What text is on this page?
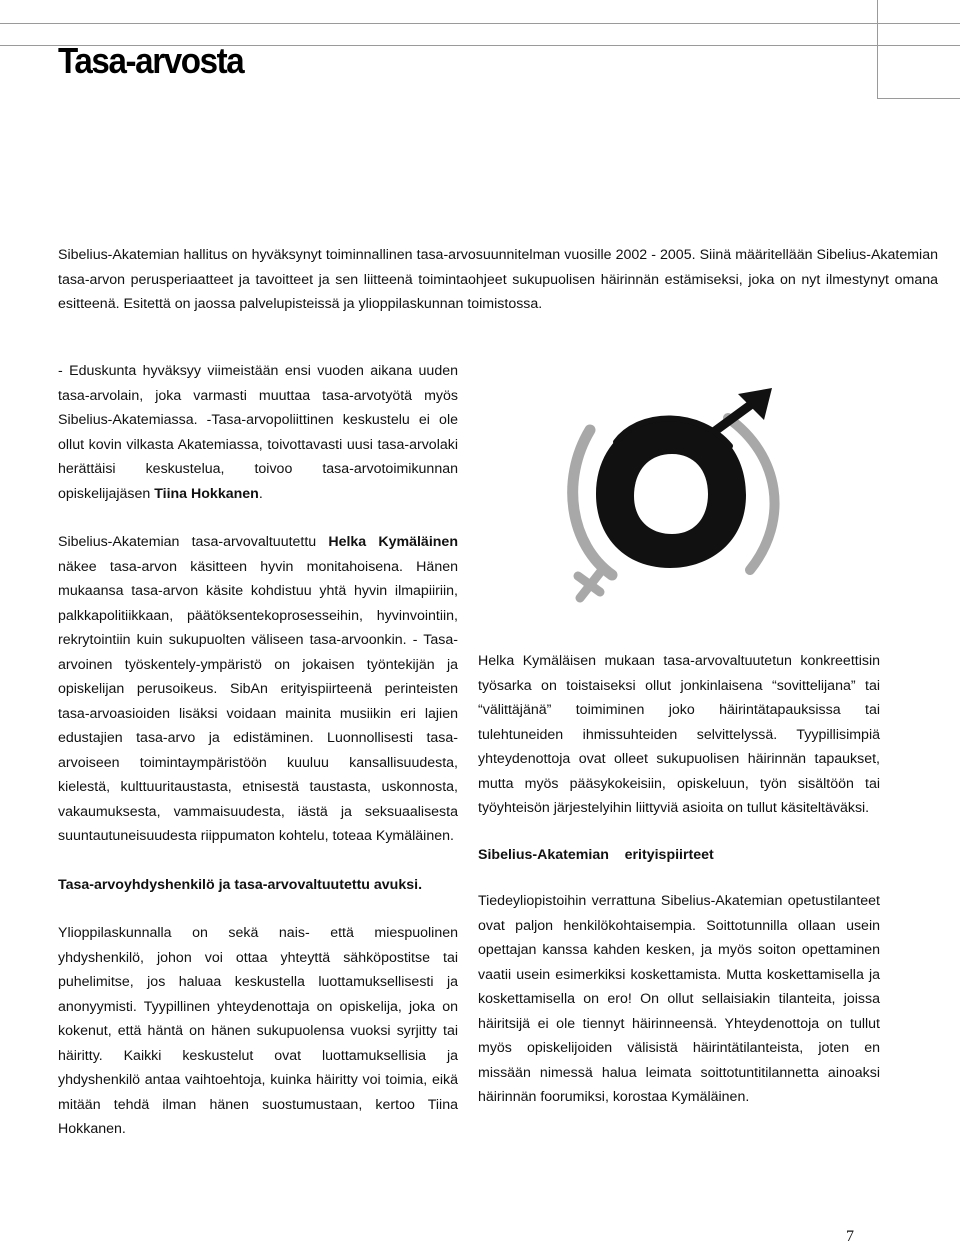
Tasa-arvosta

Sibelius-Akatemian hallitus on hyväksynyt toiminnallinen tasa-arvosuunnitelman vuosille 2002 - 2005. Siinä määritellään Sibelius-Akatemian tasa-arvon perusperiaatteet ja tavoitteet ja sen liitteenä toimintaohjeet sukupuolisen häirinnän estämiseksi, joka on nyt ilmestynyt omana esitteenä. Esitettä on jaossa palvelupisteissä ja ylioppilaskunnan toimistossa.

- Eduskunta hyväksyy viimeistään ensi vuoden aikana uuden tasa-arvolain, joka varmasti muuttaa tasa-arvotyötä myös Sibelius-Akatemiassa. -Tasa-arvopoliittinen keskustelu ei ole ollut kovin vilkasta Akatemiassa, toivottavasti uusi tasa-arvolaki herättäisi keskustelua, toivoo tasa-arvotoimikunnan opiskelijajäsen Tiina Hokkanen.

Sibelius-Akatemian tasa-arvovaltuutettu Helka Kymäläinen näkee tasa-arvon käsitteen hyvin monitahoisena. Hänen mukaansa tasa-arvon käsite kohdistuu yhtä hyvin ilmapiiriin, palkkapolitiikkaan, päätöksentekoprosesseihin, hyvinvointiin, rekrytointiin kuin sukupuolten väliseen tasa-arvoonkin. - Tasa-arvoinen työskentely-ympäristö on jokaisen työntekijän ja opiskelijan perusoikeus. SibAn erityispiirteenä perinteisten tasa-arvoasioiden lisäksi voidaan mainita musiikin eri lajien edustajien tasa-arvo ja edistäminen. Luonnollisesti tasa-arvoiseen toimintaympäristöön kuuluu kansallisuudesta, kielestä, kulttuuritaustasta, etnisestä taustasta, uskonnosta, vakaumuksesta, vammaisuudesta, iästä ja seksuaalisesta suuntautuneisuudesta riippumaton kohtelu, toteaa Kymäläinen.

Tasa-arvoyhdyshenkilö ja tasa-arvovaltuutettu avuksi.

Ylioppilaskunnalla on sekä nais- että miespuolinen yhdyshenkilö, johon voi ottaa yhteyttä sähköpostitse tai puhelimitse, jos haluaa keskustella luottamuksellisesti ja anonyymisti. Tyypillinen yhteydenottaja on opiskelija, joka on kokenut, että häntä on hänen sukupuolensa vuoksi syrjitty tai häiritty. Kaikki keskustelut ovat luottamuksellisia ja yhdyshenkilö antaa vaihtoehtoja, kuinka häiritty voi toimia, eikä mitään tehdä ilman hänen suostumustaan, kertoo Tiina Hokkanen.

Helka Kymäläisen mukaan tasa-arvovaltuutetun konkreettisin työsarka on toistaiseksi ollut jonkinlaisena “sovittelijana” tai “välittäjänä” toimiminen joko häirintätapauksissa tai tulehtuneiden ihmissuhteiden selvittelyssä. Tyypillisimpiä yhteydenottoja ovat olleet sukupuolisen häirinnän tapaukset, mutta myös pääsykokeisiin, opiskeluun, työn sisältöön tai työyhteisön järjestelyihin liittyviä asioita on tullut käsiteltäväksi.

Sibelius-Akatemian    erityispiirteet

Tiedeyliopistoihin verrattuna Sibelius-Akatemian opetustilanteet ovat paljon henkilökohtaisempia. Soittotunnilla ollaan usein opettajan kanssa kahden kesken, ja myös soiton opettaminen vaatii usein esimerkiksi koskettamista. Mutta koskettamisella ja koskettamisella on ero! On ollut sellaisiakin tilanteita, joissa häiritsijä ei ole tiennyt häirinneensä. Yhteydenottoja on tullut myös opiskelijoiden välisistä häirintätilanteista, joten en missään nimessä halua leimata soittotuntitilannetta ainoaksi häirinnän foorumiksi, korostaa Kymäläinen.

7
